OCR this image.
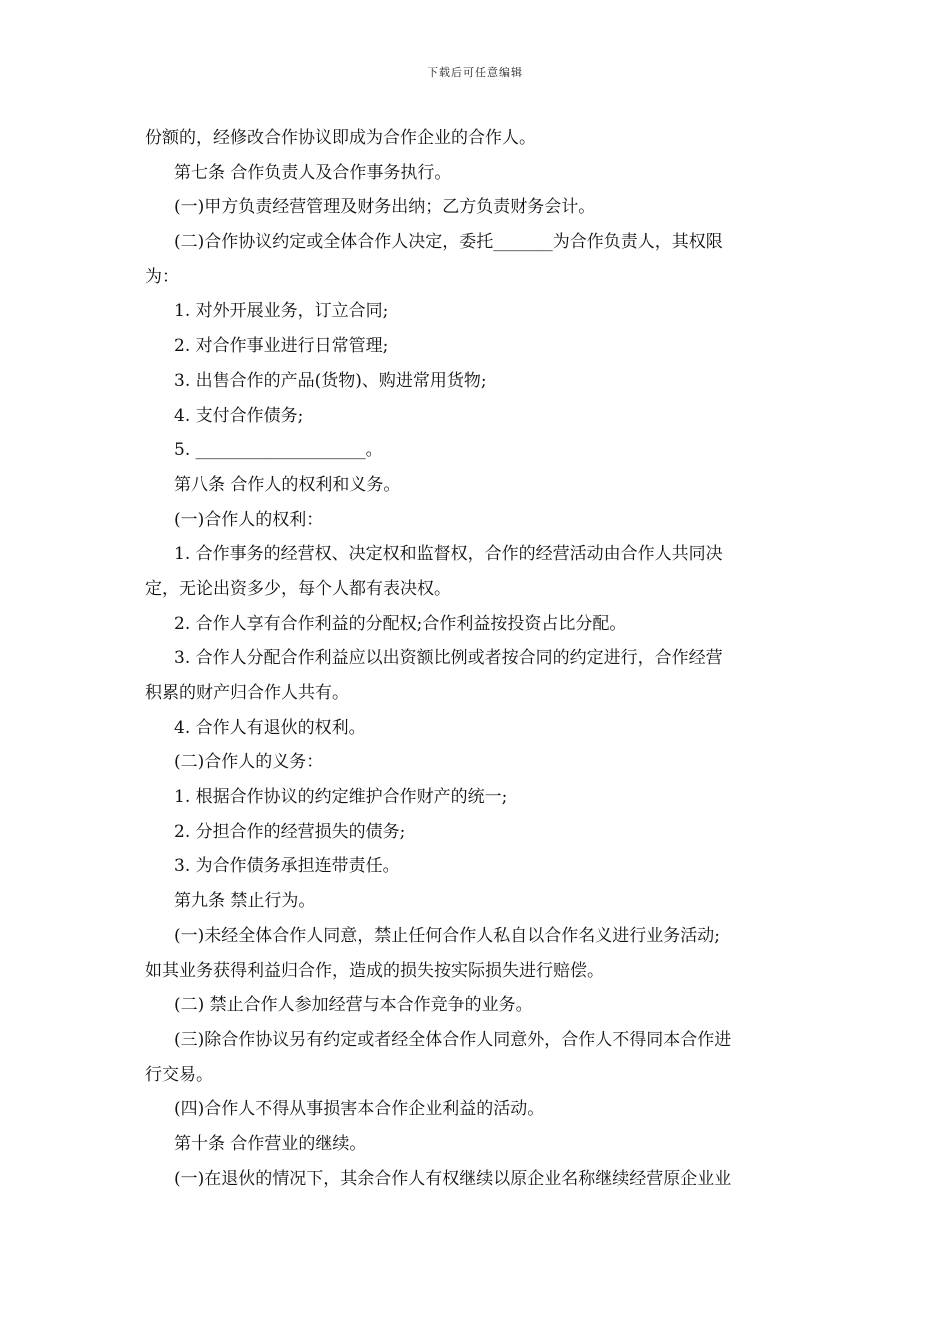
下载后可任意编辑
份额的，经修改合作协议即成为合作企业的合作人。
第七条 合作负责人及合作事务执行。
(一)甲方负责经营管理及财务出纳；乙方负责财务会计。
(二)合作协议约定或全体合作人决定，委托_______为合作负责人，其权限
为：
1. 对外开展业务，订立合同;
2. 对合作事业进行日常管理;
3. 出售合作的产品(货物)、购进常用货物;
4. 支付合作债务;
5. ____________________。
第八条 合作人的权利和义务。
(一)合作人的权利：
1. 合作事务的经营权、决定权和监督权，合作的经营活动由合作人共同决
定，无论出资多少，每个人都有表决权。
2. 合作人享有合作利益的分配权;合作利益按投资占比分配。
3. 合作人分配合作利益应以出资额比例或者按合同的约定进行，合作经营
积累的财产归合作人共有。
4. 合作人有退伙的权利。
(二)合作人的义务：
1. 根据合作协议的约定维护合作财产的统一;
2. 分担合作的经营损失的债务;
3. 为合作债务承担连带责任。
第九条 禁止行为。
(一)未经全体合作人同意，禁止任何合作人私自以合作名义进行业务活动;
如其业务获得利益归合作，造成的损失按实际损失进行赔偿。
(二) 禁止合作人参加经营与本合作竞争的业务。
(三)除合作协议另有约定或者经全体合作人同意外，合作人不得同本合作进
行交易。
(四)合作人不得从事损害本合作企业利益的活动。
第十条 合作营业的继续。
(一)在退伙的情况下，其余合作人有权继续以原企业名称继续经营原企业业
